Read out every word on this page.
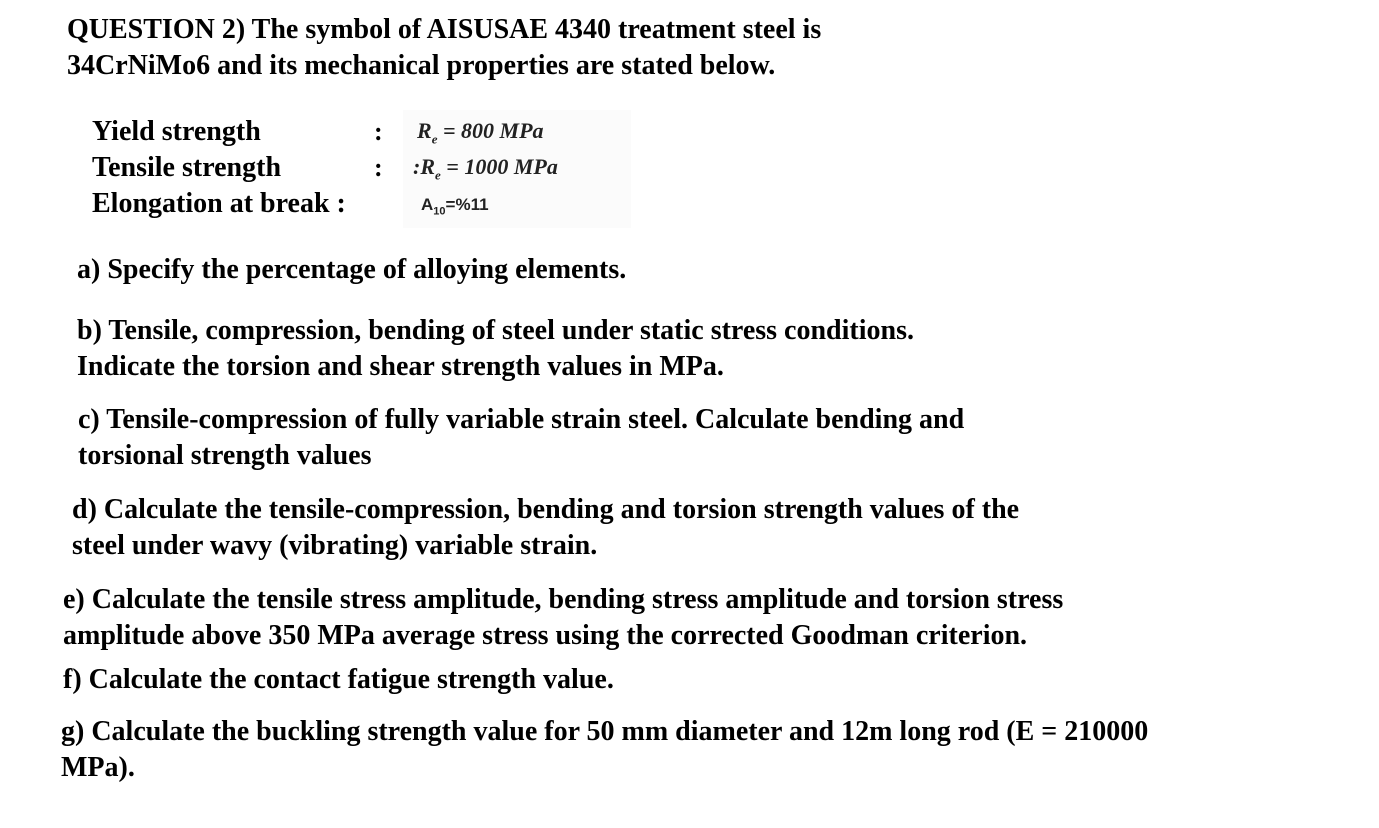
QUESTION 2) The symbol of AISUSAE 4340 treatment steel is
34CrNiMo6 and its mechanical properties are stated below.
Yield strength	: $R_e = 800$ MPa
Tensile strength	: $:R_e = 1000$ MPa
Elongation at break :	$A_{10}=\%11$
a) Specify the percentage of alloying elements.
b) Tensile, compression, bending of steel under static stress conditions.
Indicate the torsion and shear strength values in MPa.
c) Tensile-compression of fully variable strain steel. Calculate bending and
torsional strength values
d) Calculate the tensile-compression, bending and torsion strength values of the
steel under wavy (vibrating) variable strain.
e) Calculate the tensile stress amplitude, bending stress amplitude and torsion stress
amplitude above 350 MPa average stress using the corrected Goodman criterion.
f) Calculate the contact fatigue strength value.
g) Calculate the buckling strength value for 50 mm diameter and 12m long rod (E = 210000
MPa).
